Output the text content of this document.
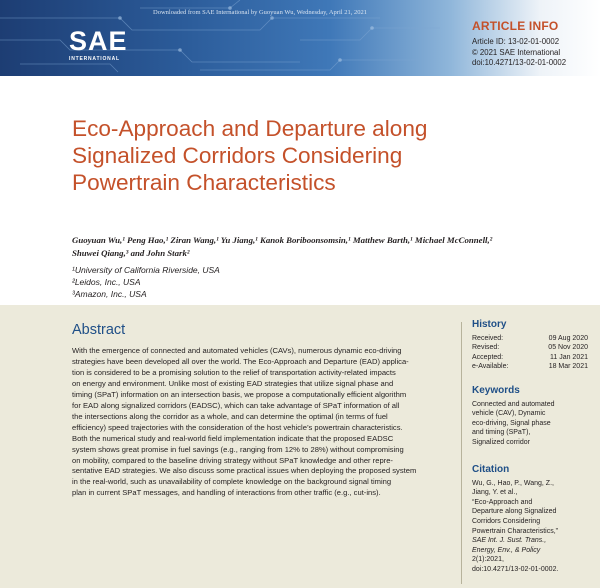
Downloaded from SAE International by Guoyuan Wu, Wednesday, April 21, 2021
SAE
INTERNATIONAL
ARTICLE INFO
Article ID: 13-02-01-0002
© 2021 SAE International
doi:10.4271/13-02-01-0002
Eco-Approach and Departure along
Signalized Corridors Considering
Powertrain Characteristics
Guoyuan Wu,¹ Peng Hao,¹ Ziran Wang,¹ Yu Jiang,¹ Kanok Boriboonsomsin,¹ Matthew Barth,¹ Michael McConnell,²
Shuwei Qiang,³ and John Stark²
¹University of California Riverside, USA
²Leidos, Inc., USA
³Amazon, Inc., USA
Abstract
With the emergence of connected and automated vehicles (CAVs), numerous dynamic eco-driving
strategies have been developed all over the world. The Eco-Approach and Departure (EAD) applica-
tion is considered to be a promising solution to the relief of transportation activity-related impacts
on energy and environment. Unlike most of existing EAD strategies that utilize signal phase and
timing (SPaT) information on an intersection basis, we propose a computationally efficient algorithm
for EAD along signalized corridors (EADSC), which can take advantage of SPaT information of all
the intersections along the corridor as a whole, and can determine the optimal (in terms of fuel
efficiency) speed trajectories with the consideration of the host vehicle’s powertrain characteristics.
Both the numerical study and real-world field implementation indicate that the proposed EADSC
system shows great promise in fuel savings (e.g., ranging from 12% to 28%) without compromising
on mobility, compared to the baseline driving strategy without SPaT knowledge and other repre-
sentative EAD strategies. We also discuss some practical issues when deploying the proposed system
in the real-world, such as unavailability of complete knowledge on the background signal timing
plan in current SPaT messages, and handling of interactions from other traffic (e.g., cut-ins).
History
Received:	09 Aug 2020
Revised:	05 Nov 2020
Accepted:	11 Jan 2021
e-Available:	18 Mar 2021
Keywords
Connected and automated
vehicle (CAV), Dynamic
eco-driving, Signal phase
and timing (SPaT),
Signalized corridor
Citation
Wu, G., Hao, P., Wang, Z.,
Jiang, Y. et al.,
“Eco-Approach and
Departure along Signalized
Corridors Considering
Powertrain Characteristics,”
SAE Int. J. Sust. Trans.,
Energy, Env., & Policy
2(1):2021,
doi:10.4271/13-02-01-0002.
